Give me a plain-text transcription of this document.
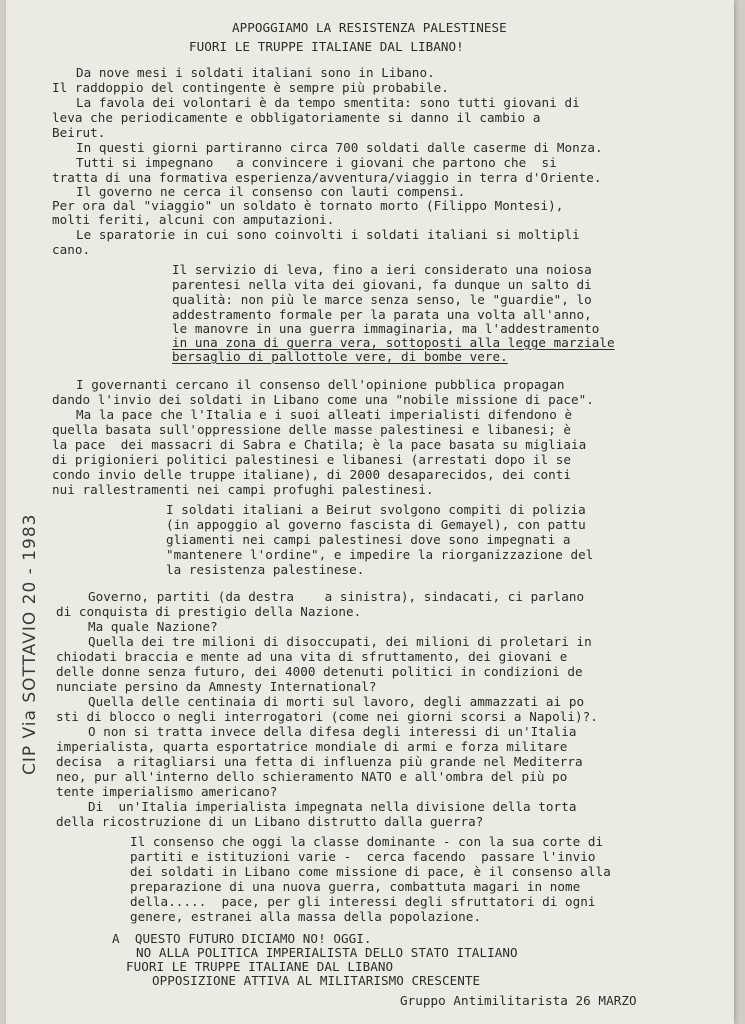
APPOGGIAMO LA RESISTENZA PALESTINESE
FUORI LE TRUPPE ITALIANE DAL LIBANO!
Da nove mesi i soldati italiani sono in Libano.
Il raddoppio del contingente è sempre più probabile.
La favola dei volontari è da tempo smentita: sono tutti giovani di
leva che periodicamente e obbligatoriamente si danno il cambio a
Beirut.
In questi giorni partiranno circa 700 soldati dalle caserme di Monza.
Tutti si impegnano   a convincere i giovani che partono che  si
tratta di una formativa esperienza/avventura/viaggio in terra d'Oriente.
Il governo ne cerca il consenso con lauti compensi.
Per ora dal "viaggio" un soldato è tornato morto (Filippo Montesi),
molti feriti, alcuni con amputazioni.
Le sparatorie in cui sono coinvolti i soldati italiani si moltipli
cano.
Il servizio di leva, fino a ieri considerato una noiosa
parentesi nella vita dei giovani, fa dunque un salto di
qualità: non più le marce senza senso, le "guardie", lo
addestramento formale per la parata una volta all'anno,
le manovre in una guerra immaginaria, ma l'addestramento
in una zona di guerra vera, sottoposti alla legge marziale
bersaglio di pallottole vere, di bombe vere.
I governanti cercano il consenso dell'opinione pubblica propagan
dando l'invio dei soldati in Libano come una "nobile missione di pace".
Ma la pace che l'Italia e i suoi alleati imperialisti difendono è
quella basata sull'oppressione delle masse palestinesi e libanesi; è
la pace  dei massacri di Sabra e Chatila; è la pace basata su migliaia
di prigionieri politici palestinesi e libanesi (arrestati dopo il se
condo invio delle truppe italiane), di 2000 desaparecidos, dei conti
nui rallestramenti nei campi profughi palestinesi.
I soldati italiani a Beirut svolgono compiti di polizia
(in appoggio al governo fascista di Gemayel), con pattu
gliamenti nei campi palestinesi dove sono impegnati a
"mantenere l'ordine", e impedire la riorganizzazione del
la resistenza palestinese.
Governo, partiti (da destra    a sinistra), sindacati, ci parlano
di conquista di prestigio della Nazione.
Ma quale Nazione?
Quella dei tre milioni di disoccupati, dei milioni di proletari in
chiodati braccia e mente ad una vita di sfruttamento, dei giovani e
delle donne senza futuro, dei 4000 detenuti politici in condizioni de
nunciate persino da Amnesty International?
Quella delle centinaia di morti sul lavoro, degli ammazzati ai po
sti di blocco o negli interrogatori (come nei giorni scorsi a Napoli)?.
O non si tratta invece della difesa degli interessi di un'Italia
imperialista, quarta esportatrice mondiale di armi e forza militare
decisa  a ritagliarsi una fetta di influenza più grande nel Mediterra
neo, pur all'interno dello schieramento NATO e all'ombra del più po
tente imperialismo americano?
Di  un'Italia imperialista impegnata nella divisione della torta
della ricostruzione di un Libano distrutto dalla guerra?
Il consenso che oggi la classe dominante - con la sua corte di
partiti e istituzioni varie -  cerca facendo  passare l'invio
dei soldati in Libano come missione di pace, è il consenso alla
preparazione di una nuova guerra, combattuta magari in nome
della.....  pace, per gli interessi degli sfruttatori di ogni
genere, estranei alla massa della popolazione.
A  QUESTO FUTURO DICIAMO NO! OGGI.
NO ALLA POLITICA IMPERIALISTA DELLO STATO ITALIANO
FUORI LE TRUPPE ITALIANE DAL LIBANO
OPPOSIZIONE ATTIVA AL MILITARISMO CRESCENTE
Gruppo Antimilitarista 26 MARZO
CIP Via SOTTAVIO 20 - 1983
